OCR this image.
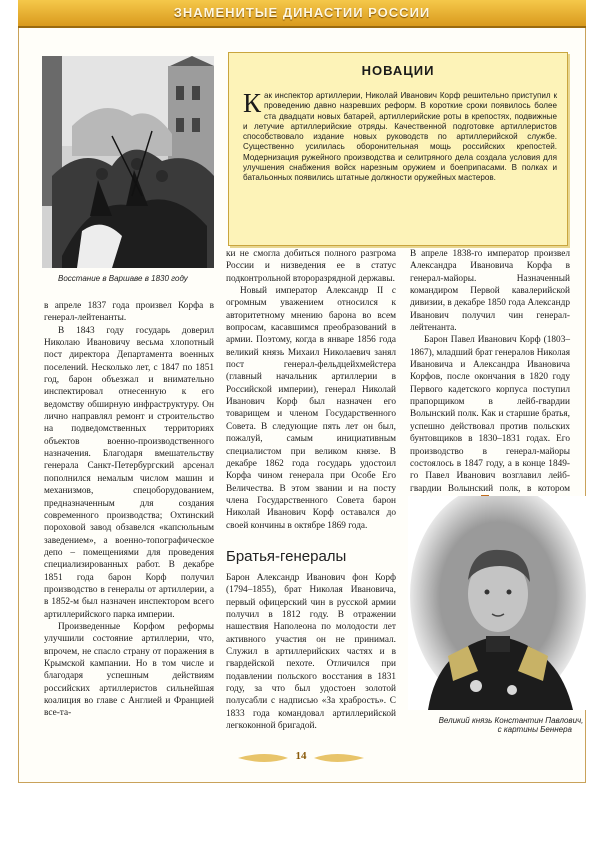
ЗНАМЕНИТЫЕ ДИНАСТИИ РОССИИ
Восстание в Варшаве в 1830 году
НОВАЦИИ
Как инспектор артиллерии, Николай Иванович Корф решительно приступил к проведению давно назревших реформ. В короткие сроки появилось более ста двадцати новых батарей, артиллерийские роты в крепостях, подвижные и летучие артиллерийские отряды. Качественной подготовке артиллеристов способствовало издание новых руководств по артиллерийской службе. Существенно усилилась оборонительная мощь российских крепостей. Модернизация ружейного производства и селитряного дела создала условия для улучшения снабжения войск нарезным оружием и боеприпасами. В полках и батальонных появились штатные должности оружейных мастеров.

в апреле 1837 года произвел Корфа в генерал-лейтенанты.

В 1843 году государь доверил Николаю Ивановичу весьма хлопотный пост директора Департамента военных поселений. Несколько лет, с 1847 по 1851 год, барон объезжал и внимательно инспектировал отнесенную к его ведомству обширную инфраструктуру. Он лично направлял ремонт и строительство на подведомственных территориях объектов военно-производственного назначения. Благодаря вмешательству генерала Санкт-Петербургский арсенал пополнился немалым числом машин и механизмов, спецоборудованием, предназначенным для создания современного производства; Охтинский пороховой завод обзавелся «капсюльным заведением», а военно-топографическое депо – помещениями для проведения специализированных работ. В декабре 1851 года барон Корф получил производство в генералы от артиллерии, а в 1852-м был назначен инспектором всего артиллерийского парка империи.

Произведенные Корфом реформы улучшили состояние артиллерии, что, впрочем, не спасло страну от поражения в Крымской кампании. Но в том числе и благодаря успешным действиям российских артиллеристов сильнейшая коалиция во главе с Англией и Францией все-та-

ки не смогла добиться полного разгрома России и низведения ее в статус подконтрольной второразрядной державы.

Новый император Александр II с огромным уважением относился к авторитетному мнению барона во всем вопросам, касавшимся преобразований в армии. Поэтому, когда в январе 1856 года великий князь Михаил Николаевич занял пост генерал-фельдцейхмейстера (главный начальник артиллерии в Российской империи), генерал Николай Иванович Корф был назначен его товарищем и членом Государственного Совета. В следующие пять лет он был, пожалуй, самым инициативным специалистом при великом князе. В декабре 1862 года государь удостоил Корфа чином генерала при Особе Его Величества. В этом звании и на посту члена Государственного Совета барон Николай Иванович Корф оставался до своей кончины в октябре 1869 года.

Братья-генералы

Барон Александр Иванович фон Корф (1794–1855), брат Николая Ивановича, первый офицерский чин в русской армии получил в 1812 году. В отражении нашествия Наполеона по молодости лет активного участия он не принимал. Служил в артиллерийских частях и в гвардейской пехоте. Отличился при подавлении польского восстания в 1831 году, за что был удостоен золотой полусабли с надписью «За храбрость». С 1833 года командовал артиллерийской легкоконной бригадой.

В апреле 1838-го император произвел Александра Ивановича Корфа в генерал-майоры. Назначенный командиром Первой кавалерийской дивизии, в декабре 1850 года Александр Иванович получил чин генерал-лейтенанта.

Барон Павел Иванович Корф (1803–1867), младший брат генералов Николая Ивановича и Александра Ивановича Корфов, после окончания в 1820 году Первого кадетского корпуса поступил прапорщиком в лейб-гвардии Волынский полк. Как и старшие братья, успешно действовал против польских бунтовщиков в 1830–1831 годах. Его производство в генерал-майоры состоялось в 1847 году, а в конце 1849-го Павел Иванович возглавил лейб-гвардии Волынский полк, в котором

Великий князь Константин Павлович,
с картины Беннера
14
